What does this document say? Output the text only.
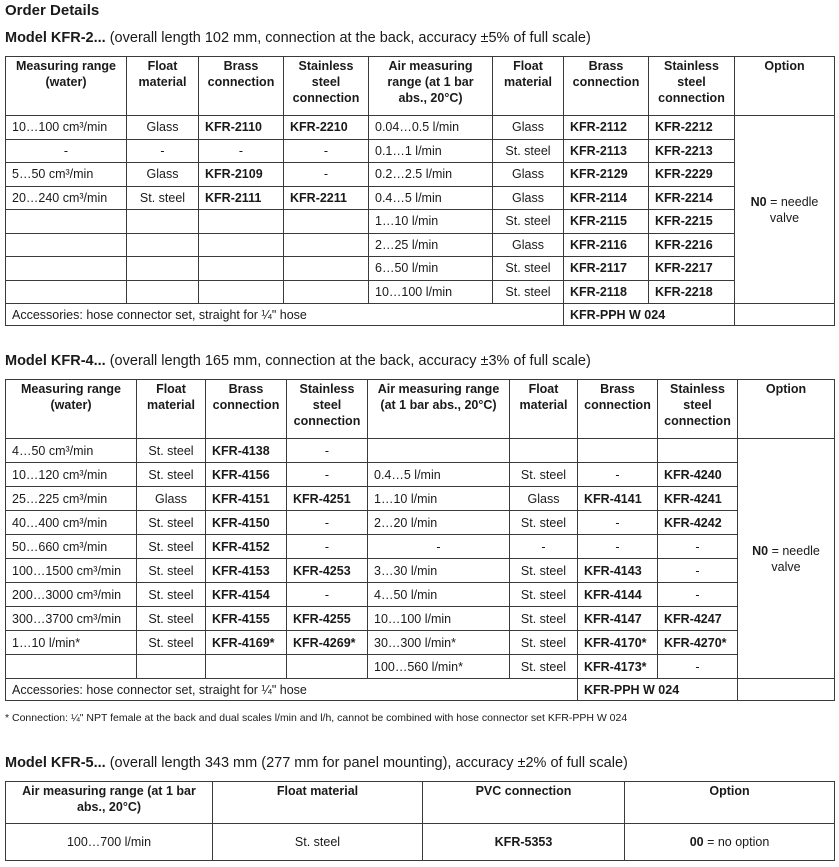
Order Details
Model KFR-2... (overall length 102 mm, connection at the back, accuracy ±5% of full scale)
Measuring range (water)	Float material	Brass connection	Stainless steel connection	Air measuring range (at 1 bar abs., 20°C)	Float material	Brass connection	Stainless steel connection	Option
10…100 cm³/min	Glass	KFR-2110	KFR-2210	0.04…0.5 l/min	Glass	KFR-2112	KFR-2212	N0 = needle valve
-	-	-	-	0.1…1 l/min	St. steel	KFR-2113	KFR-2213	
5…50 cm³/min	Glass	KFR-2109	-	0.2…2.5 l/min	Glass	KFR-2129	KFR-2229	
20…240 cm³/min	St. steel	KFR-2111	KFR-2211	0.4…5 l/min	Glass	KFR-2114	KFR-2214	
				1…10 l/min	St. steel	KFR-2115	KFR-2215	
				2…25 l/min	Glass	KFR-2116	KFR-2216	
				6…50 l/min	St. steel	KFR-2117	KFR-2217	
				10…100 l/min	St. steel	KFR-2118	KFR-2218	
Accessories: hose connector set, straight for ¼" hose						KFR-PPH W 024		
Model KFR-4... (overall length 165 mm, connection at the back, accuracy ±3% of full scale)
Measuring range (water)	Float material	Brass connection	Stainless steel connection	Air measuring range (at 1 bar abs., 20°C)	Float material	Brass connection	Stainless steel connection	Option
4…50 cm³/min	St. steel	KFR-4138	-					N0 = needle valve
10…120 cm³/min	St. steel	KFR-4156	-	0.4…5 l/min	St. steel	-	KFR-4240	
25…225 cm³/min	Glass	KFR-4151	KFR-4251	1…10 l/min	Glass	KFR-4141	KFR-4241	
40…400 cm³/min	St. steel	KFR-4150	-	2…20 l/min	St. steel	-	KFR-4242	
50…660 cm³/min	St. steel	KFR-4152	-	-	-	-	-	
100…1500 cm³/min	St. steel	KFR-4153	KFR-4253	3…30 l/min	St. steel	KFR-4143	-	
200…3000 cm³/min	St. steel	KFR-4154	-	4…50 l/min	St. steel	KFR-4144	-	
300…3700 cm³/min	St. steel	KFR-4155	KFR-4255	10…100 l/min	St. steel	KFR-4147	KFR-4247	
1…10 l/min*	St. steel	KFR-4169*	KFR-4269*	30…300 l/min*	St. steel	KFR-4170*	KFR-4270*	
				100…560 l/min*	St. steel	KFR-4173*	-	
Accessories: hose connector set, straight for ¼" hose						KFR-PPH W 024		
* Connection: ¼" NPT female at the back and dual scales l/min and l/h, cannot be combined with hose connector set KFR-PPH W 024
Model KFR-5... (overall length 343 mm (277 mm for panel mounting), accuracy ±2% of full scale)
Air measuring range (at 1 bar abs., 20°C)	Float material	PVC connection	Option
100…700 l/min	St. steel	KFR-5353	00 = no option
